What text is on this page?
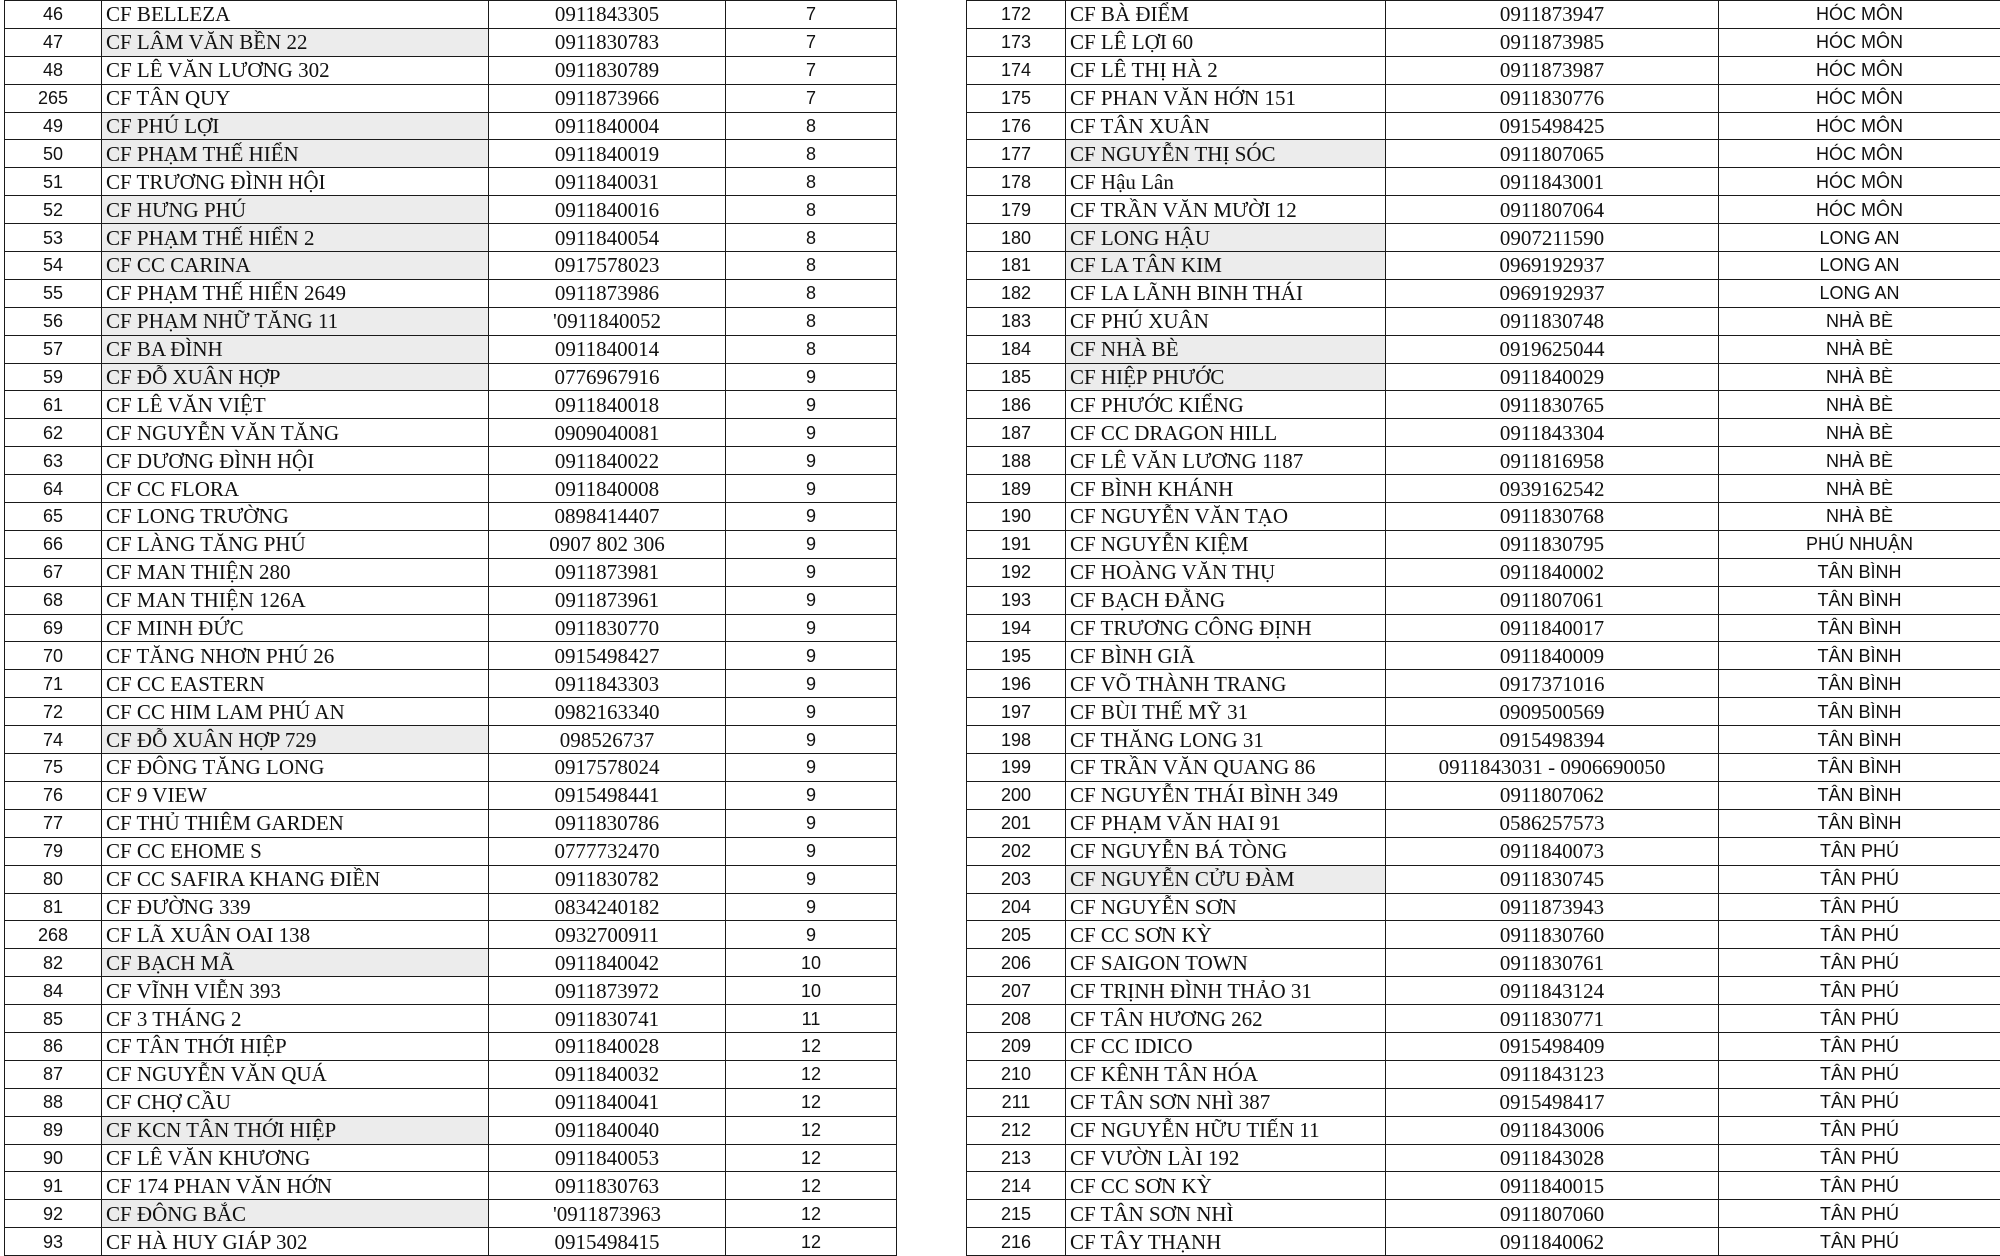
46	CF BELLEZA	0911843305	7
47	CF LÂM VĂN BỀN 22	0911830783	7
48	CF LÊ VĂN LƯƠNG 302	0911830789	7
265	CF TÂN QUY	0911873966	7
49	CF PHÚ LỢI	0911840004	8
50	CF PHẠM THẾ HIỂN	0911840019	8
51	CF TRƯƠNG ĐÌNH HỘI	0911840031	8
52	CF HƯNG PHÚ	0911840016	8
53	CF PHẠM THẾ HIỂN 2	0911840054	8
54	CF CC CARINA	0917578023	8
55	CF PHẠM THẾ HIỂN 2649	0911873986	8
56	CF PHẠM NHỮ TĂNG 11	'0911840052	8
57	CF BA ĐÌNH	0911840014	8
59	CF ĐỖ XUÂN HỢP	0776967916	9
61	CF LÊ VĂN VIỆT	0911840018	9
62	CF NGUYỄN VĂN TĂNG	0909040081	9
63	CF DƯƠNG ĐÌNH HỘI	0911840022	9
64	CF CC FLORA	0911840008	9
65	CF LONG TRƯỜNG	0898414407	9
66	CF LÀNG TĂNG PHÚ	0907 802 306	9
67	CF MAN THIỆN 280	0911873981	9
68	CF MAN THIỆN 126A	0911873961	9
69	CF MINH ĐỨC	0911830770	9
70	CF TĂNG NHƠN PHÚ 26	0915498427	9
71	CF CC EASTERN	0911843303	9
72	CF CC HIM LAM PHÚ AN	0982163340	9
74	CF ĐỖ XUÂN HỢP 729	098526737	9
75	CF ĐÔNG TĂNG LONG	0917578024	9
76	CF 9 VIEW	0915498441	9
77	CF THỦ THIÊM GARDEN	0911830786	9
79	CF CC EHOME S	0777732470	9
80	CF CC SAFIRA KHANG ĐIỀN	0911830782	9
81	CF ĐƯỜNG 339	0834240182	9
268	CF LÃ XUÂN OAI 138	0932700911	9
82	CF BẠCH MÃ	0911840042	10
84	CF VĨNH VIỄN 393	0911873972	10
85	CF 3 THÁNG 2	0911830741	11
86	CF TÂN THỚI HIỆP	0911840028	12
87	CF NGUYỄN VĂN QUÁ	0911840032	12
88	CF CHỢ CẦU	0911840041	12
89	CF KCN TÂN THỚI HIỆP	0911840040	12
90	CF LÊ VĂN KHƯƠNG	0911840053	12
91	CF 174 PHAN VĂN HỚN	0911830763	12
92	CF ĐÔNG BẮC	'0911873963	12
93	CF HÀ HUY GIÁP 302	0915498415	12
172	CF BÀ ĐIỂM	0911873947	HÓC MÔN
173	CF LÊ LỢI 60	0911873985	HÓC MÔN
174	CF LÊ THỊ HÀ 2	0911873987	HÓC MÔN
175	CF PHAN VĂN HỚN 151	0911830776	HÓC MÔN
176	CF TÂN XUÂN	0915498425	HÓC MÔN
177	CF NGUYỄN THỊ SÓC	0911807065	HÓC MÔN
178	CF Hậu Lân	0911843001	HÓC MÔN
179	CF TRẦN VĂN MƯỜI 12	0911807064	HÓC MÔN
180	CF LONG HẬU	0907211590	LONG AN
181	CF LA TÂN KIM	0969192937	LONG AN
182	CF LA LÃNH BINH THÁI	0969192937	LONG AN
183	CF PHÚ XUÂN	0911830748	NHÀ BÈ
184	CF NHÀ BÈ	0919625044	NHÀ BÈ
185	CF HIỆP PHƯỚC	0911840029	NHÀ BÈ
186	CF PHƯỚC KIỂNG	0911830765	NHÀ BÈ
187	CF CC DRAGON HILL	0911843304	NHÀ BÈ
188	CF LÊ VĂN LƯƠNG 1187	0911816958	NHÀ BÈ
189	CF BÌNH KHÁNH	0939162542	NHÀ BÈ
190	CF NGUYỄN VĂN TẠO	0911830768	NHÀ BÈ
191	CF NGUYỄN KIỆM	0911830795	PHÚ NHUẬN
192	CF HOÀNG VĂN THỤ	0911840002	TÂN BÌNH
193	CF BẠCH ĐẰNG	0911807061	TÂN BÌNH
194	CF TRƯƠNG CÔNG ĐỊNH	0911840017	TÂN BÌNH
195	CF BÌNH GIÃ	0911840009	TÂN BÌNH
196	CF VÕ THÀNH TRANG	0917371016	TÂN BÌNH
197	CF BÙI THẾ MỸ 31	0909500569	TÂN BÌNH
198	CF THĂNG LONG 31	0915498394	TÂN BÌNH
199	CF TRẦN VĂN QUANG 86	0911843031 - 0906690050	TÂN BÌNH
200	CF NGUYỄN THÁI BÌNH 349	0911807062	TÂN BÌNH
201	CF PHẠM VĂN HAI 91	0586257573	TÂN BÌNH
202	CF NGUYỄN BÁ TÒNG	0911840073	TÂN PHÚ
203	CF NGUYỄN CỬU ĐÀM	0911830745	TÂN PHÚ
204	CF NGUYỄN SƠN	0911873943	TÂN PHÚ
205	CF CC SƠN KỲ	0911830760	TÂN PHÚ
206	CF SAIGON TOWN	0911830761	TÂN PHÚ
207	CF TRỊNH ĐÌNH THẢO 31	0911843124	TÂN PHÚ
208	CF TÂN HƯƠNG 262	0911830771	TÂN PHÚ
209	CF CC IDICO	0915498409	TÂN PHÚ
210	CF KÊNH TÂN HÓA	0911843123	TÂN PHÚ
211	CF TÂN SƠN NHÌ 387	0915498417	TÂN PHÚ
212	CF NGUYỄN HỮU TIẾN 11	0911843006	TÂN PHÚ
213	CF VƯỜN LÀI 192	0911843028	TÂN PHÚ
214	CF CC SƠN KỲ	0911840015	TÂN PHÚ
215	CF TÂN SƠN NHÌ	0911807060	TÂN PHÚ
216	CF TÂY THẠNH	0911840062	TÂN PHÚ
